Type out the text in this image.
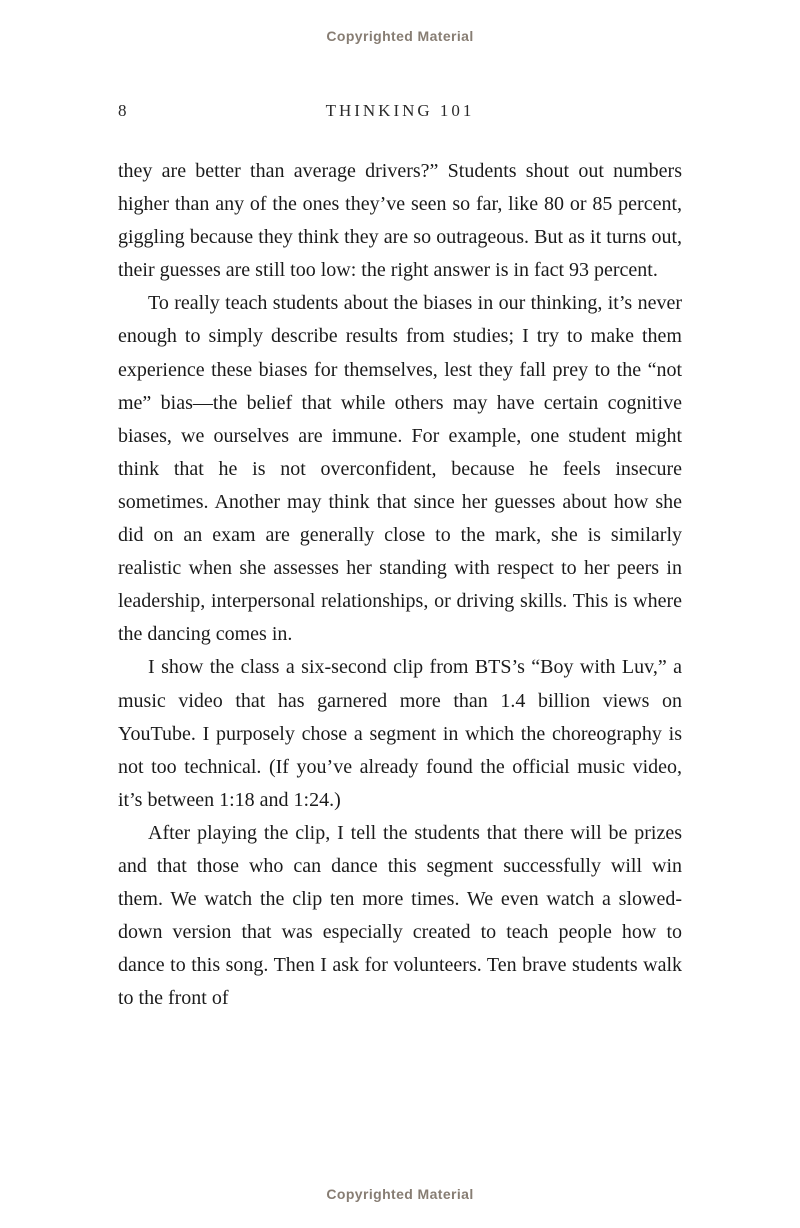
Copyrighted Material
8	THINKING 101

they are better than average drivers?” Students shout out numbers higher than any of the ones they’ve seen so far, like 80 or 85 percent, giggling because they think they are so outrageous. But as it turns out, their guesses are still too low: the right answer is in fact 93 percent.

To really teach students about the biases in our thinking, it’s never enough to simply describe results from studies; I try to make them experience these biases for themselves, lest they fall prey to the “not me” bias—the belief that while others may have certain cognitive biases, we ourselves are immune. For example, one student might think that he is not overconfident, because he feels insecure sometimes. Another may think that since her guesses about how she did on an exam are generally close to the mark, she is similarly realistic when she assesses her standing with respect to her peers in leadership, interpersonal relationships, or driving skills. This is where the dancing comes in.

I show the class a six-second clip from BTS’s “Boy with Luv,” a music video that has garnered more than 1.4 billion views on YouTube. I purposely chose a segment in which the choreography is not too technical. (If you’ve already found the official music video, it’s between 1:18 and 1:24.)

After playing the clip, I tell the students that there will be prizes and that those who can dance this segment successfully will win them. We watch the clip ten more times. We even watch a slowed-down version that was especially created to teach people how to dance to this song. Then I ask for volunteers. Ten brave students walk to the front of

Copyrighted Material
